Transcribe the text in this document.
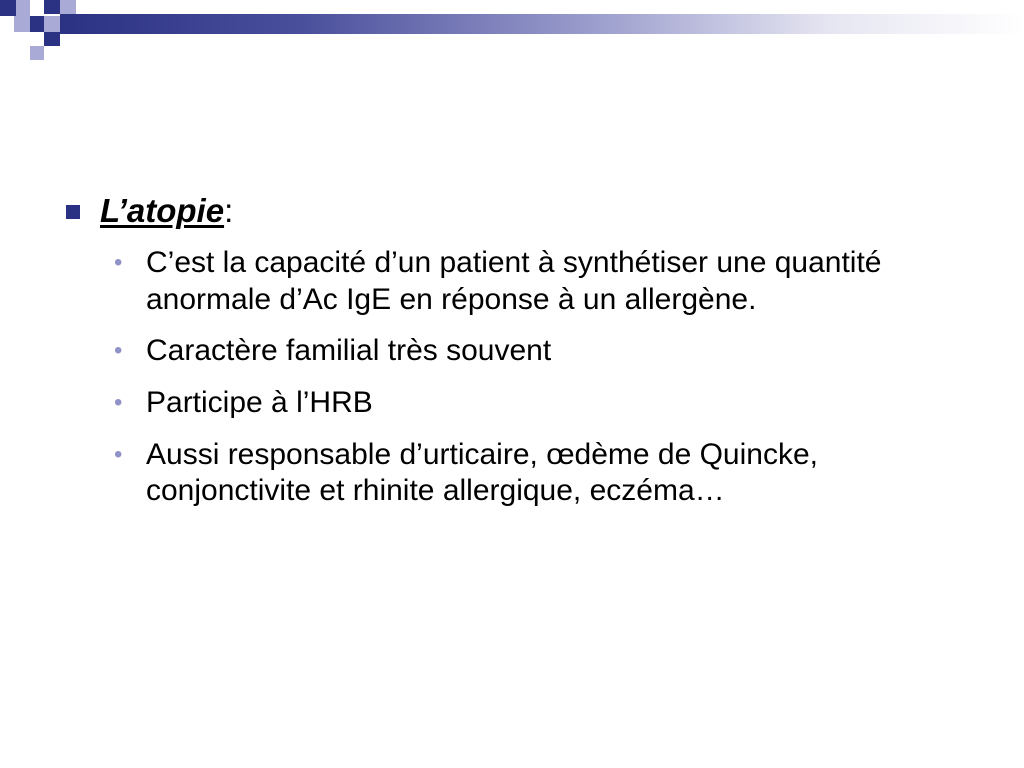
L’atopie:
• C’est la capacité d’un patient à synthétiser une quantité anormale d’Ac IgE en réponse à un allergène.
• Caractère familial très souvent
• Participe à l’HRB
• Aussi responsable d’urticaire, œdème de Quincke, conjonctivite et rhinite allergique, eczéma…
